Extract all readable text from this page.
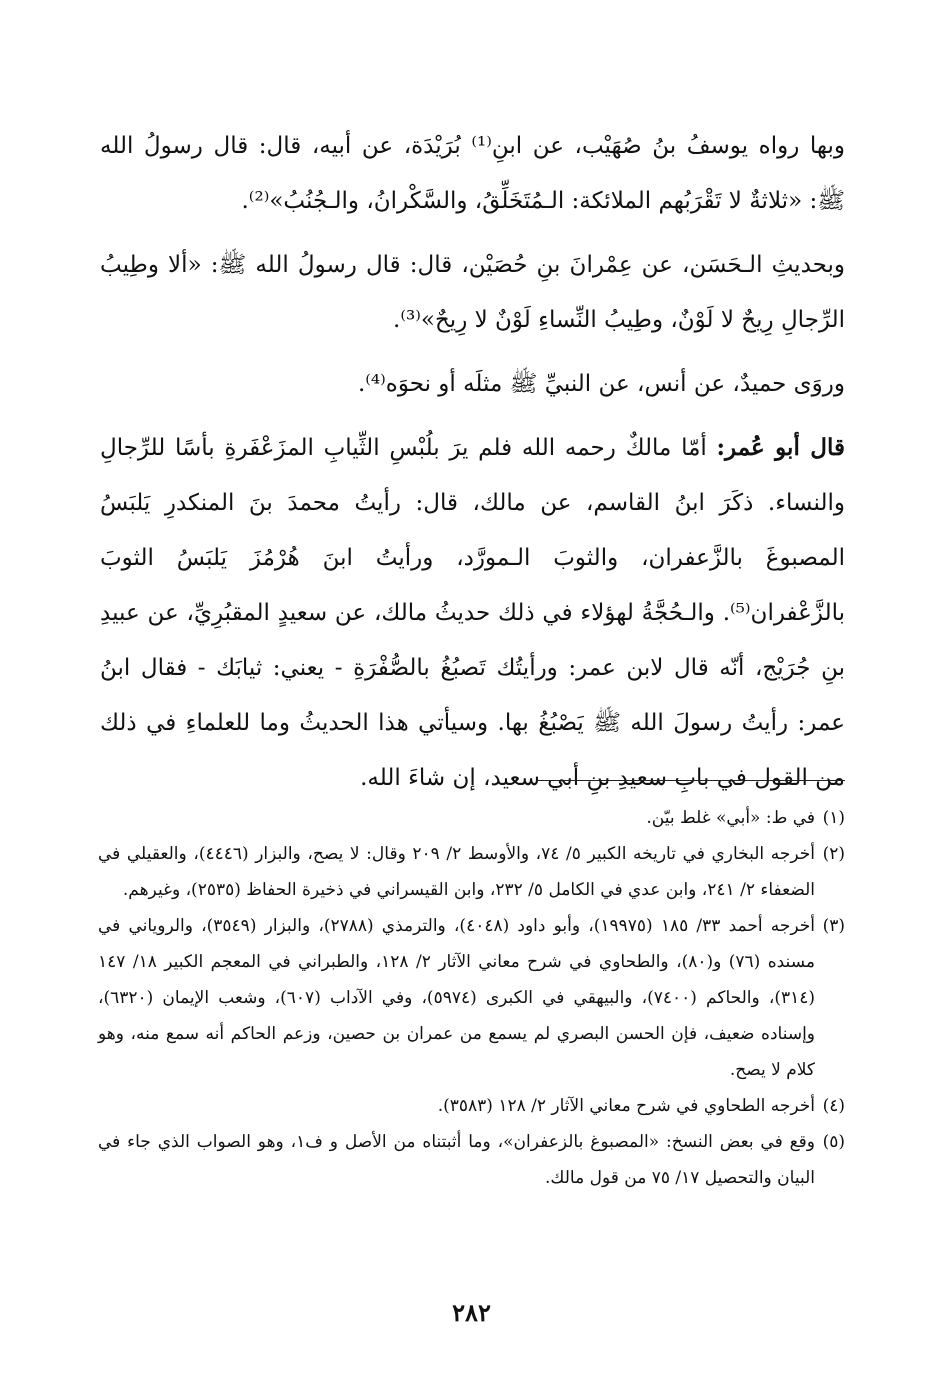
وبها رواه يوسفُ بنُ صُهَيْب، عن ابنِ⁽¹⁾ بُرَيْدَة، عن أبيه، قال: قال رسولُ الله ﷺ: «ثلاثةٌ لا تَقْرَبُهم الملائكة: الـمُتَخَلِّقُ، والسَّكْرانُ، والـجُنُبُ»⁽²⁾.

وبحديثِ الـحَسَن، عن عِمْرانَ بنِ حُصَيْن، قال: قال رسولُ الله ﷺ: «ألا وطِيبُ الرِّجالِ رِيحٌ لا لَوْنٌ، وطِيبُ النِّساءِ لَوْنٌ لا رِيحٌ»⁽³⁾.

وروَى حميدٌ، عن أنس، عن النبيِّ ﷺ مثلَه أو نحوَه⁽⁴⁾.

قال أبو عُمر: أمّا مالكٌ رحمه الله فلم يرَ بلُبْسِ الثِّيابِ المزَعْفَرةِ بأسًا للرِّجالِ والنساء. ذكَرَ ابنُ القاسم، عن مالك، قال: رأيتُ محمدَ بنَ المنكدرِ يَلبَسُ المصبوغَ بالزَّعفران، والثوبَ الـمورَّد، ورأيتُ ابنَ هُرْمُزَ يَلبَسُ الثوبَ بالزَّعْفران⁽⁵⁾. والـحُجَّةُ لهؤلاء في ذلك حديثُ مالك، عن سعيدٍ المقبُرِيِّ، عن عبيدِ بنِ جُرَيْج، أنّه قال لابن عمر: ورأيتُك تَصبُغُ بالصُّفْرَةِ - يعني: ثيابَك - فقال ابنُ عمر: رأيتُ رسولَ الله ﷺ يَصْبُغُ بها. وسيأتي هذا الحديثُ وما للعلماءِ في ذلك من القول في بابِ سعيدِ بنِ أبي سعيد، إن شاءَ الله.

(١)
في ط: «أبي» غلط بيّن.

(٢)
أخرجه البخاري في تاريخه الكبير ٥/ ٧٤، والأوسط ٢/ ٢٠٩ وقال: لا يصح، والبزار (٤٤٤٦)، والعقيلي في الضعفاء ٢/ ٢٤١، وابن عدي في الكامل ٥/ ٢٣٢، وابن القيسراني في ذخيرة الحفاظ (٢٥٣٥)، وغيرهم.

(٣)
أخرجه أحمد ٣٣/ ١٨٥ (١٩٩٧٥)، وأبو داود (٤٠٤٨)، والترمذي (٢٧٨٨)، والبزار (٣٥٤٩)، والروياني في مسنده (٧٦) و(٨٠)، والطحاوي في شرح معاني الآثار ٢/ ١٢٨، والطبراني في المعجم الكبير ١٨/ ١٤٧ (٣١٤)، والحاكم (٧٤٠٠)، والبيهقي في الكبرى (٥٩٧٤)، وفي الآداب (٦٠٧)، وشعب الإيمان (٦٣٢٠)، وإسناده ضعيف، فإن الحسن البصري لم يسمع من عمران بن حصين، وزعم الحاكم أنه سمع منه، وهو كلام لا يصح.

(٤)
أخرجه الطحاوي في شرح معاني الآثار ٢/ ١٢٨ (٣٥٨٣).

(٥)
وقع في بعض النسخ: «المصبوغ بالزعفران»، وما أثبتناه من الأصل و ف١، وهو الصواب الذي جاء في البيان والتحصيل ١٧/ ٧٥ من قول مالك.

٢٨٢
